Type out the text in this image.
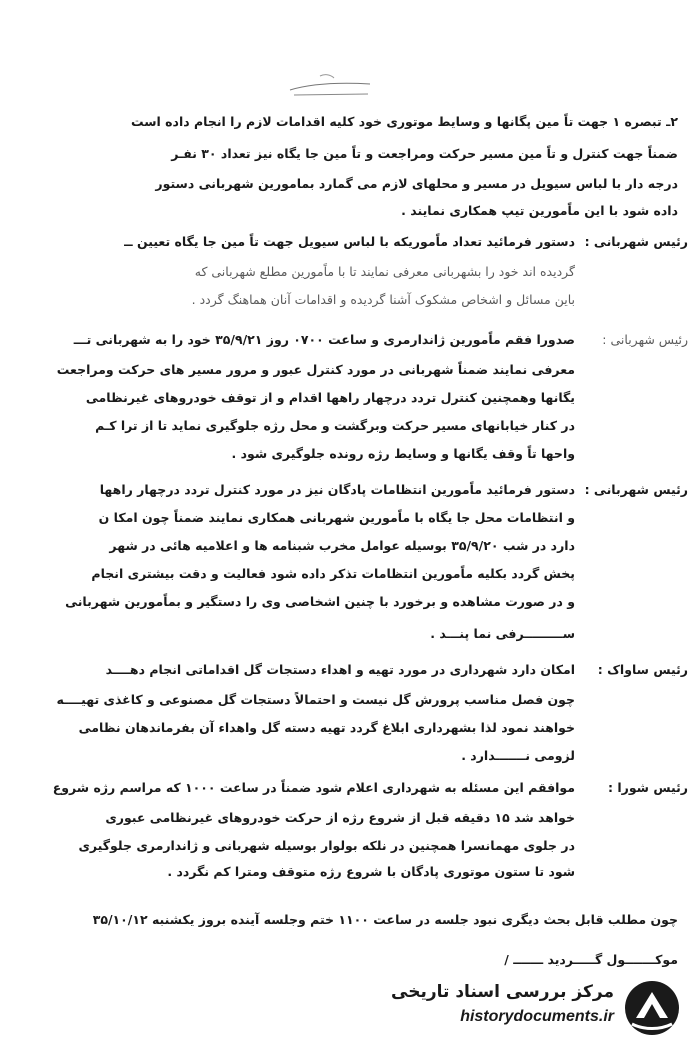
۲ـ تبصره ۱ جهت تاً مین پگانها و وسایط موتوری خود کلیه اقدامات لازم را انجام داده است
ضمناً جهت کنترل و تاً مین مسیر حرکت ومراجعت و تاً مین جا یگاه نیز تعداد ۳۰ نفـر
درجه دار با لباس سیویل در مسیر و محلهای لازم می گمارد بمامورین شهربانی دستور
داده شود با این ماًمورین تیپ همکاری نمایند .
رئیس شهربانی :
دستور فرمائید تعداد ماًموریکه با لباس سیویل جهت تاً مین جا یگاه تعیین ــ
گردیده اند خود را بشهربانی معرفی نمایند تا با ماًمورین مطلع شهربانی که
باین مسائل و اشخاص مشکوک آشنا گردیده و اقدامات آنان هماهنگ گردد .
رئیس شهربانی :
صدورا فقم ماًمورین ژاندارمری و ساعت ۰۷۰۰ روز ۳۵/۹/۲۱ خود را به شهربانی تـــ
معرفی نمایند ضمناً شهربانی در مورد کنترل عبور و مرور مسیر های حرکت ومراجعت
یگانها وهمچنین کنترل تردد درچهار راهها اقدام و از توقف خودروهای غیرنظامی
در کنار خیابانهای مسیر حرکت وبرگشت و محل رژه جلوگیری نماید تا از ترا کـم
واحها تاً وقف یگانها و وسایط رژه رونده جلوگیری شود .
رئیس شهربانی :
دستور فرمائید ماًمورین انتظامات پادگان نیز در مورد کنترل تردد درچهار راهها
و انتظامات محل جا یگاه با ماًمورین شهربانی همکاری نمایند ضمناً چون امکا ن
دارد در شب ۳۵/۹/۲۰ بوسیله عوامل مخرب شبنامه ها و اعلامیه هائی در شهر
پخش گردد بکلیه ماًمورین انتظامات تذکر داده شود فعالیت و دقت بیشتری انجام
و در صورت مشاهده و برخورد با چنین اشخاصی وی را دستگیر و بماًمورین شهربانی
ســـــــــرفی نما پنـــد .
رئیس ساواک :
امکان دارد شهرداری در مورد تهیه و اهداء دستجات گل اقداماتی انجام دهــــد
چون فصل مناسب پرورش گل نیست و احتمالاً دستجات گل مصنوعی و کاغذی تهیــــه
خواهند نمود لذا بشهرداری ابلاغ گردد تهیه دسته گل واهداء آن بفرماندهان نظامی
لزومی نـــــــدارد .
رئیس شورا :
موافقم این مسئله به شهرداری اعلام شود ضمناً در ساعت ۱۰۰۰ که مراسم رژه شروع
خواهد شد ۱۵ دقیقه قبل از شروع رژه از حرکت خودروهای غیرنظامی عبوری
در جلوی مهمانسرا همچنین در نلکه بولوار بوسیله شهربانی و ژاندارمری جلوگیری
شود تا ستون موتوری پادگان با شروع رژه متوقف ومترا کم نگردد .
چون مطلب قابل بحث دیگری نبود جلسه در ساعت ۱۱۰۰ ختم وجلسه آینده بروز یکشنبه ۳۵/۱۰/۱۲
موکـــــــول گـــــردید ـــــــ /
مرکز بررسی اسناد تاریخی
historydocuments.ir
